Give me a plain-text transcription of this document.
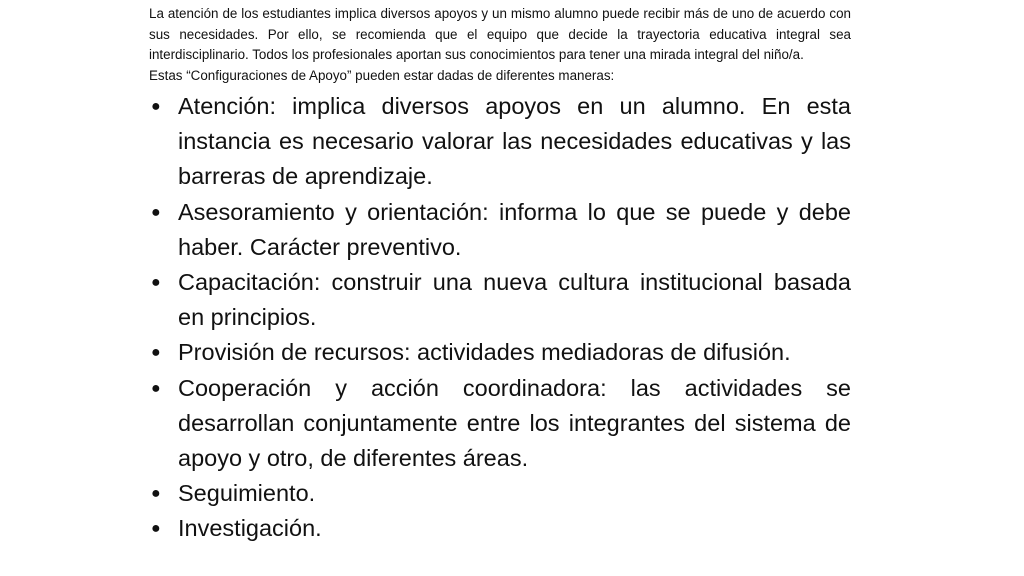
La atención de los estudiantes implica diversos apoyos y un mismo alumno puede recibir más de uno de acuerdo con sus necesidades. Por ello, se recomienda que el equipo que decide la trayectoria educativa integral sea interdisciplinario. Todos los profesionales aportan sus conocimientos para tener una mirada integral del niño/a.

Estas “Configuraciones de Apoyo” pueden estar dadas de diferentes maneras:

● Atención: implica diversos apoyos en un alumno. En esta instancia es necesario valorar las necesidades educativas y las barreras de aprendizaje.
● Asesoramiento y orientación: informa lo que se puede y debe haber. Carácter preventivo.
● Capacitación: construir una nueva cultura institucional basada en principios.
● Provisión de recursos: actividades mediadoras de difusión.
● Cooperación y acción coordinadora: las actividades se desarrollan conjuntamente entre los integrantes del sistema de apoyo y otro, de diferentes áreas.
● Seguimiento.
● Investigación.
